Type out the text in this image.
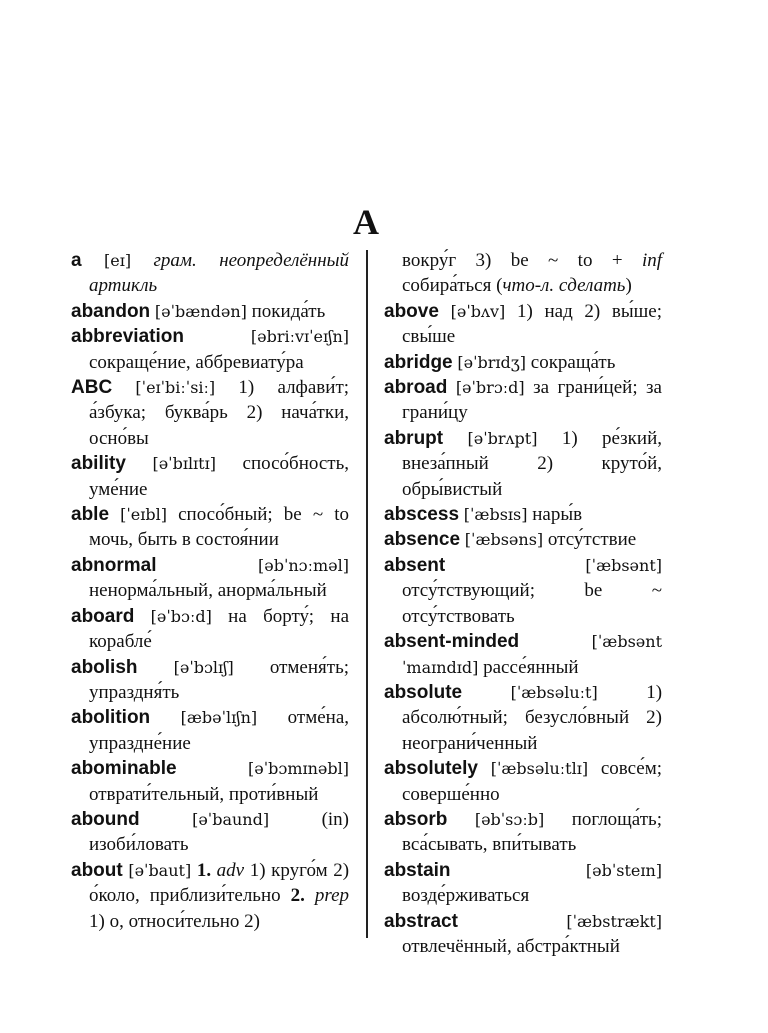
A
a [eɪ] грам. неопределённый артикль
abandon [əˈbændən] покида́ть
abbreviation	[əbriːvɪˈeɪʃn] сокраще́ние, аббревиату́ра
ABC [ˈeɪˈbiːˈsiː] 1) алфави́т; а́збука; буква́рь 2) нача́тки, осно́вы
ability [əˈbɪlɪtɪ] спосо́бность, уме́ние
able [ˈeɪbl] спосо́бный; be ~ to мочь, быть в состоя́нии
abnormal	[əbˈnɔːməl] ненорма́льный, анорма́льный
aboard [əˈbɔːd] на борту́; на корабле́
abolish [əˈbɔlɪʃ] отменя́ть; упраздня́ть
abolition [æbəˈlɪʃn] отме́на, упраздне́ние
abominable	[əˈbɔmɪnəbl] отврати́тельный, проти́вный
abound	[əˈbaund]	(in) изоби́ловать
about [əˈbaut] 1. adv 1) круго́м 2) о́коло, приблизи́тельно 2. prep 1) о, относи́тельно 2)
вокру́г 3) be ~ to + inf собира́ться (что-л. сделать)
above [əˈbʌv] 1) над 2) вы́ше; свы́ше
abridge [əˈbrɪdʒ] сокраща́ть
abroad [əˈbrɔːd] за грани́цей; за грани́цу
abrupt [əˈbrʌpt] 1) ре́зкий, внеза́пный 2) круто́й, обры́вистый
abscess [ˈæbsɪs] нары́в
absence [ˈæbsəns] отсу́тствие
absent	[ˈæbsənt] отсу́тствующий; be ~ отсу́тствовать
absent-minded	[ˈæbsəntˈmaɪndɪd] рассе́янный
absolute	[ˈæbsəluːt]	1) абсолю́тный; безусло́вный 2) неограни́ченный
absolutely [ˈæbsəluːtlɪ] совсе́м; соверше́нно
absorb [əbˈsɔːb] поглоща́ть; вса́сывать, впи́тывать
abstain	[əbˈsteɪn] возде́рживаться
abstract	[ˈæbstrækt] отвлечённый, абстра́ктный
